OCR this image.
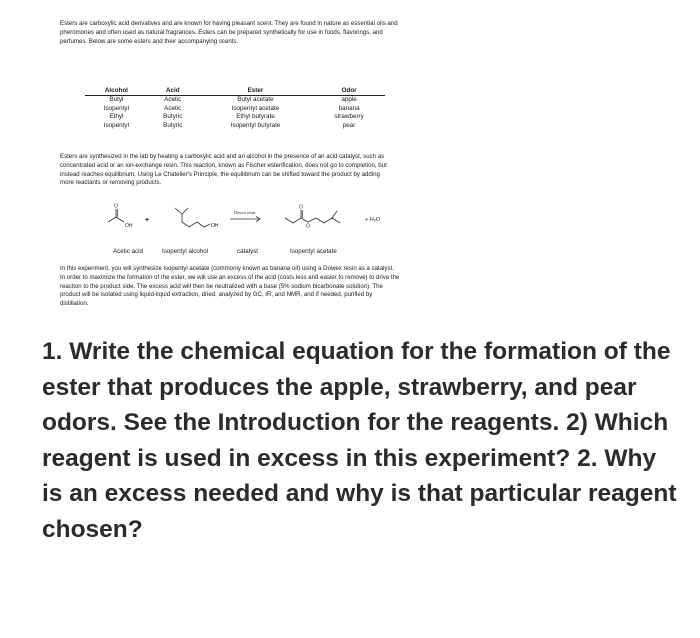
Esters are carboxylic acid derivatives and are known for having pleasant scent. They are found in nature as essential oils and pheromones and often used as natural fragrances. Esters can be prepared synthetically for use in foods, flavorings, and perfumes. Below are some esters and their accompanying scents.

Alcohol	Acid	Ester	Odor
Butyl	Acetic	Butyl acetate	apple
Isopentyl	Acetic	Isopentyl acetate	banana
Ethyl	Butyric	Ethyl butyrate	strawberry
Isopentyl	Butyric	Isopentyl butyrate	pear

Esters are synthesized in the lab by heating a carboxylic acid and an alcohol in the presence of an acid catalyst, such as concentrated acid or an ion-exchange resin. This reaction, known as Fischer esterification, does not go to completion, but instead reaches equilibrium. Using Le Chatelier's Principle, the equilibrium can be shifted toward the product by adding more reactants or removing products.

OH
O
+
OH
Dowex resin
O
O
+ H₂O
Acetic acid	Isopentyl alcohol	catalyst	Isopentyl acetate

In this experiment, you will synthesize isopentyl acetate (commonly known as banana oil) using a Dowex resin as a catalyst. In order to maximize the formation of the ester, we will use an excess of the acid (costs less and easier to remove) to drive the reaction to the product side. The excess acid will then be neutralized with a base (5% sodium bicarbonate solution). The product will be isolated using liquid-liquid extraction, dried, analyzed by GC, IR, and NMR, and if needed, purified by distillation.

1. Write the chemical equation for the formation of the ester that produces the apple, strawberry, and pear odors. See the Introduction for the reagents. 2) Which reagent is used in excess in this experiment? 2. Why is an excess needed and why is that particular reagent chosen?
